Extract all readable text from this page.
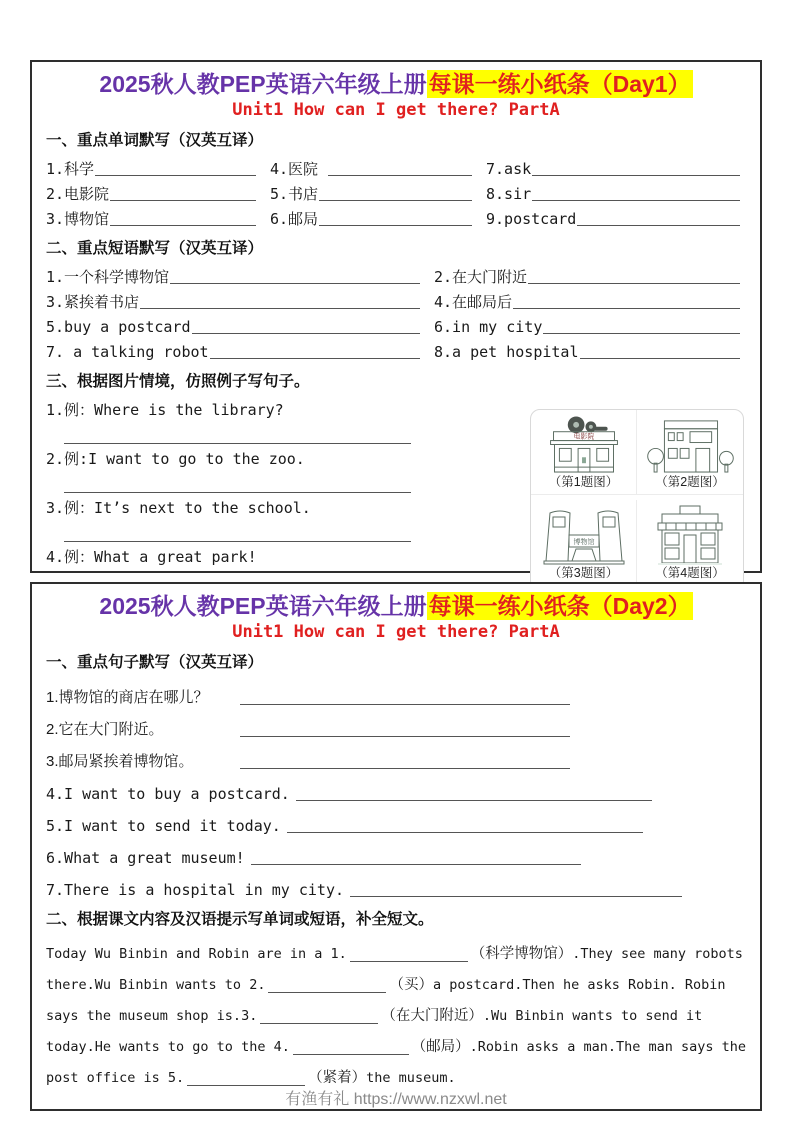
2025秋人教PEP英语六年级上册每课一练小纸条（Day1）
Unit1 How can I get there? PartA
一、重点单词默写（汉英互译）
1.科学	4.医院	7.ask
2.电影院	5.书店	8.sir
3.博物馆	6.邮局	9.postcard
二、重点短语默写（汉英互译）
1.一个科学博物馆	2.在大门附近
3.紧挨着书店	4.在邮局后
5.buy a postcard	6.in my city
7. a talking robot	8.a pet hospital
三、根据图片情境，仿照例子写句子。
1.例：Where is the library?
2.例:I want to go to the zoo.
3.例：It’s next to the school.
4.例：What a great park!
电影院
（第1题图）
邮局
（第2题图）
博物馆
（第3题图）
书店
（第4题图）
2025秋人教PEP英语六年级上册每课一练小纸条（Day2）
Unit1 How can I get there? PartA
一、重点句子默写（汉英互译）
1.博物馆的商店在哪儿？
2.它在大门附近。
3.邮局紧挨着博物馆。
4.I want to buy a postcard.
5.I want to send it today.
6.What a great museum!
7.There is a hospital in my city.
二、根据课文内容及汉语提示写单词或短语，补全短文。
Today Wu Binbin and Robin are in a 1.	（科学博物馆） .They see many robots
there.Wu Binbin wants to 2.	（买） a postcard.Then he asks Robin. Robin
says the museum shop is.3.	（在大门附近） .Wu Binbin wants to send it
today.He wants to go to the 4.	（邮局） .Robin asks a man.The man says the
post office is 5.	（紧着） the museum.
有渔有礼 https://www.nzxwl.net
